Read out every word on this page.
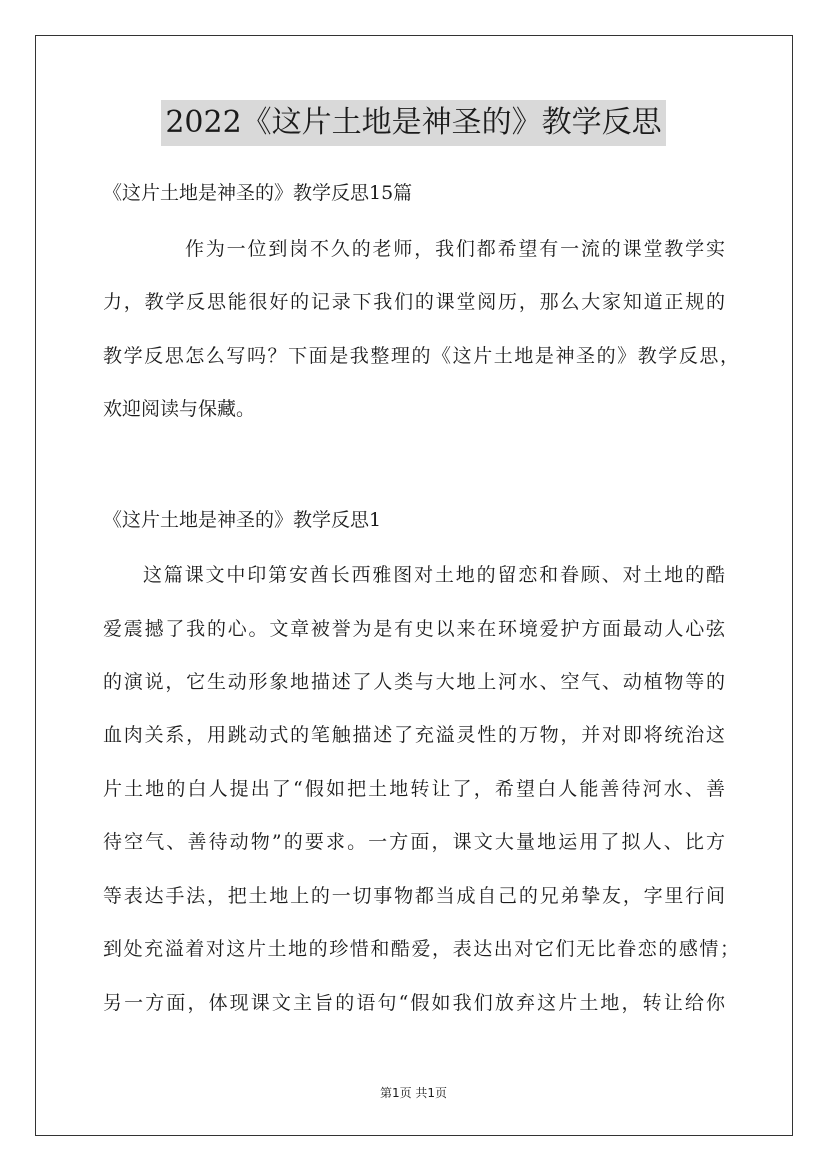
2022《这片土地是神圣的》教学反思
《这片土地是神圣的》教学反思15篇
作为一位到岗不久的老师，我们都希望有一流的课堂教学实
力，教学反思能很好的记录下我们的课堂阅历，那么大家知道正规的
教学反思怎么写吗？下面是我整理的《这片土地是神圣的》教学反思，
欢迎阅读与保藏。
《这片土地是神圣的》教学反思1
这篇课文中印第安酋长西雅图对土地的留恋和眷顾、对土地的酷
爱震撼了我的心。文章被誉为是有史以来在环境爱护方面最动人心弦
的演说，它生动形象地描述了人类与大地上河水、空气、动植物等的
血肉关系，用跳动式的笔触描述了充溢灵性的万物，并对即将统治这
片土地的白人提出了“假如把土地转让了，希望白人能善待河水、善
待空气、善待动物”的要求。一方面，课文大量地运用了拟人、比方
等表达手法，把土地上的一切事物都当成自己的兄弟挚友，字里行间
到处充溢着对这片土地的珍惜和酷爱，表达出对它们无比眷恋的感情；
另一方面，体现课文主旨的语句“假如我们放弃这片土地，转让给你
第1页 共1页
